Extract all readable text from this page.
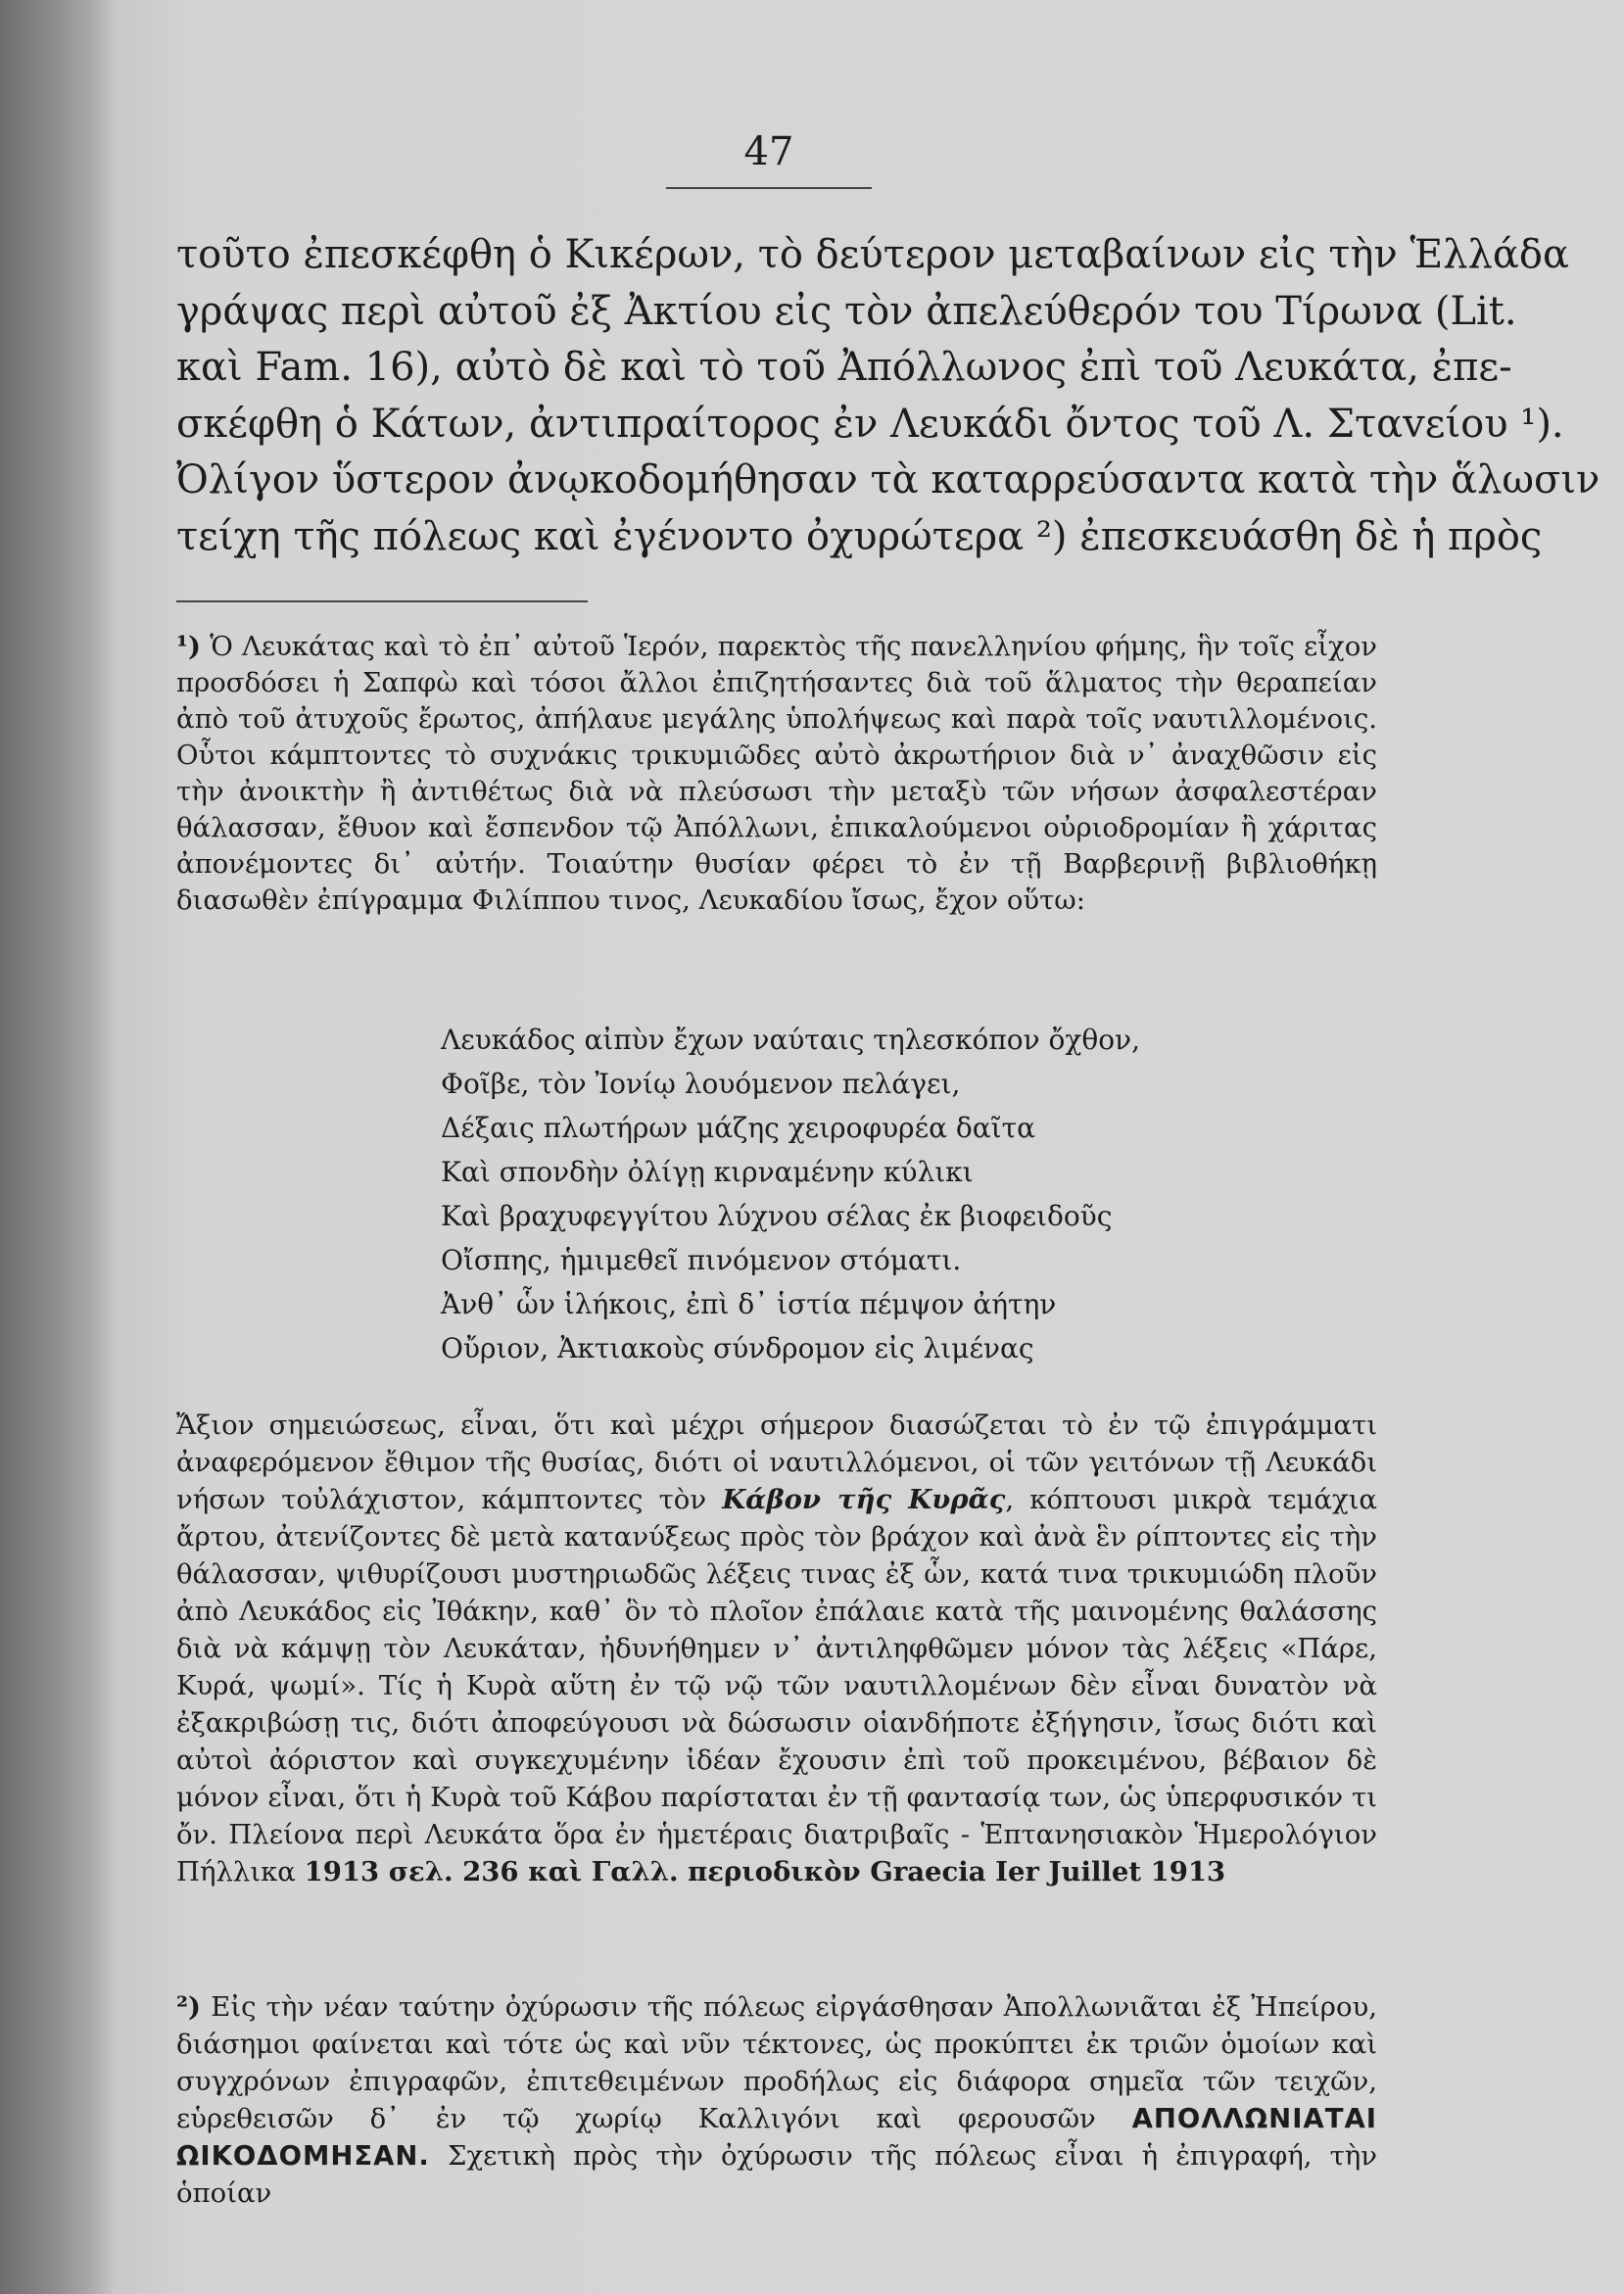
47
τοῦτο ἐπεσκέφθη ὁ Κικέρων, τὸ δεύτερον μεταβαίνων εἰς τὴν Ἑλλάδα
γράψας περὶ αὐτοῦ ἐξ Ἀκτίου εἰς τὸν ἀπελεύθερόν του Τίρωνα (Lit.
καὶ Fam. 16), αὐτὸ δὲ καὶ τὸ τοῦ Ἀπόλλωνος ἐπὶ τοῦ Λευκάτα, ἐπε-
σκέφθη ὁ Κάτων, ἀντιπραίτορος ἐν Λευκάδι ὄντος τοῦ Λ. Σταvείου ¹).
Ὀλίγον ὕστερον ἀνῳκοδομήθησαν τὰ καταρρεύσαντα κατὰ τὴν ἅλωσιν
τείχη τῆς πόλεως καὶ ἐγένοντο ὀχυρώτερα ²) ἐπεσκευάσθη δὲ ἡ πρὸς
¹) Ὁ Λευκάτας καὶ τὸ ἐπ᾽ αὐτοῦ Ἱερόν, παρεκτὸς τῆς πανελληνίου φήμης, ἣν τοῖς εἶχον προσδόσει ἡ Σαπφὼ καὶ τόσοι ἄλλοι ἐπιζητήσαντες διὰ τοῦ ἅλματος τὴν θεραπείαν ἀπὸ τοῦ ἀτυχοῦς ἔρωτος, ἀπήλαυε μεγάλης ὑπολήψεως καὶ παρὰ τοῖς ναυτιλλομένοις. Οὗτοι κάμπτοντες τὸ συχνάκις τρικυμιῶδες αὐτὸ ἀκρωτήριον διὰ ν᾽ ἀναχθῶσιν εἰς τὴν ἀνοικτὴν ἢ ἀντιθέτως διὰ νὰ πλεύσωσι τὴν μεταξὺ τῶν νήσων ἀσφαλεστέραν θάλασσαν, ἔθυον καὶ ἔσπενδον τῷ Ἀπόλλωνι, ἐπικαλούμενοι οὐριοδρομίαν ἢ χάριτας ἀπονέμοντες δι᾽ αὐτήν. Τοιαύτην θυσίαν φέρει τὸ ἐν τῇ Βαρβερινῇ βιβλιοθήκῃ διασωθὲν ἐπίγραμμα Φιλίππου τινος, Λευκαδίου ἴσως, ἔχον οὕτω:
Λευκάδος αἰπὺν ἔχων ναύταις τηλεσκόπον ὄχθον,
Φοῖβε, τὸν Ἰονίῳ λουόμενον πελάγει,
Δέξαις πλωτήρων μάζης χειροφυρέα δαῖτα
Καὶ σπονδὴν ὀλίγῃ κιρναμένην κύλικι
Καὶ βραχυφεγγίτου λύχνου σέλας ἐκ βιοφειδοῦς
Οἴσπης, ἡμιμεθεῖ πινόμενον στόματι.
Ἀνθ᾽ ὧν ἱλήκοις, ἐπὶ δ᾽ ἱστία πέμψον ἀήτην
Οὔριον, Ἀκτιακοὺς σύνδρομον εἰς λιμένας
Ἄξιον σημειώσεως, εἶναι, ὅτι καὶ μέχρι σήμερον διασώζεται τὸ ἐν τῷ ἐπιγράμματι ἀναφερόμενον ἔθιμον τῆς θυσίας, διότι οἱ ναυτιλλόμενοι, οἱ τῶν γειτόνων τῇ Λευκάδι νήσων τοὐλάχιστον, κάμπτοντες τὸν Κάβον τῆς Κυρᾶς, κόπτουσι μικρὰ τεμάχια ἄρτου, ἀτενίζοντες δὲ μετὰ κατανύξεως πρὸς τὸν βράχον καὶ ἀνὰ ἓν ρίπτοντες εἰς τὴν θάλασσαν, ψιθυρίζουσι μυστηριωδῶς λέξεις τινας ἐξ ὧν, κατά τινα τρικυμιώδη πλοῦν ἀπὸ Λευκάδος εἰς Ἰθάκην, καθ᾽ ὃν τὸ πλοῖον ἐπάλαιε κατὰ τῆς μαινομένης θαλάσσης διὰ νὰ κάμψῃ τὸν Λευκάταν, ἠδυνήθημεν ν᾽ ἀντιληφθῶμεν μόνον τὰς λέξεις «Πάρε, Κυρά, ψωμί». Τίς ἡ Κυρὰ αὕτη ἐν τῷ νῷ τῶν ναυτιλλομένων δὲν εἶναι δυνατὸν νὰ ἐξακριβώσῃ τις, διότι ἀποφεύγουσι νὰ δώσωσιν οἱανδήποτε ἐξήγησιν, ἴσως διότι καὶ αὐτοὶ ἀόριστον καὶ συγκεχυμένην ἰδέαν ἔχουσιν ἐπὶ τοῦ προκειμένου, βέβαιον δὲ μόνον εἶναι, ὅτι ἡ Κυρὰ τοῦ Κάβου παρίσταται ἐν τῇ φαντασίᾳ των, ὡς ὑπερφυσικόν τι ὄν. Πλείονα περὶ Λευκάτα ὅρα ἐν ἡμετέραις διατριβαῖς - Ἑπτανησιακὸν Ἡμερολόγιον Πήλλικα 1913 σελ. 236 καὶ Γαλλ. περιοδικὸν Graecia Ier Juillet 1913
²) Εἰς τὴν νέαν ταύτην ὀχύρωσιν τῆς πόλεως εἰργάσθησαν Ἀπολλωνιᾶται ἐξ Ἠπείρου, διάσημοι φαίνεται καὶ τότε ὡς καὶ νῦν τέκτονες, ὡς προκύπτει ἐκ τριῶν ὁμοίων καὶ συγχρόνων ἐπιγραφῶν, ἐπιτεθειμένων προδήλως εἰς διάφορα σημεῖα τῶν τειχῶν, εὑρεθεισῶν δ᾽ ἐν τῷ χωρίῳ Καλλιγόνι καὶ φερουσῶν ΑΠΟΛΛΩΝΙΑΤΑΙ ΩΙΚΟΔΟΜΗΣΑΝ. Σχετικὴ πρὸς τὴν ὀχύρωσιν τῆς πόλεως εἶναι ἡ ἐπιγραφή, τὴν ὁποίαν
